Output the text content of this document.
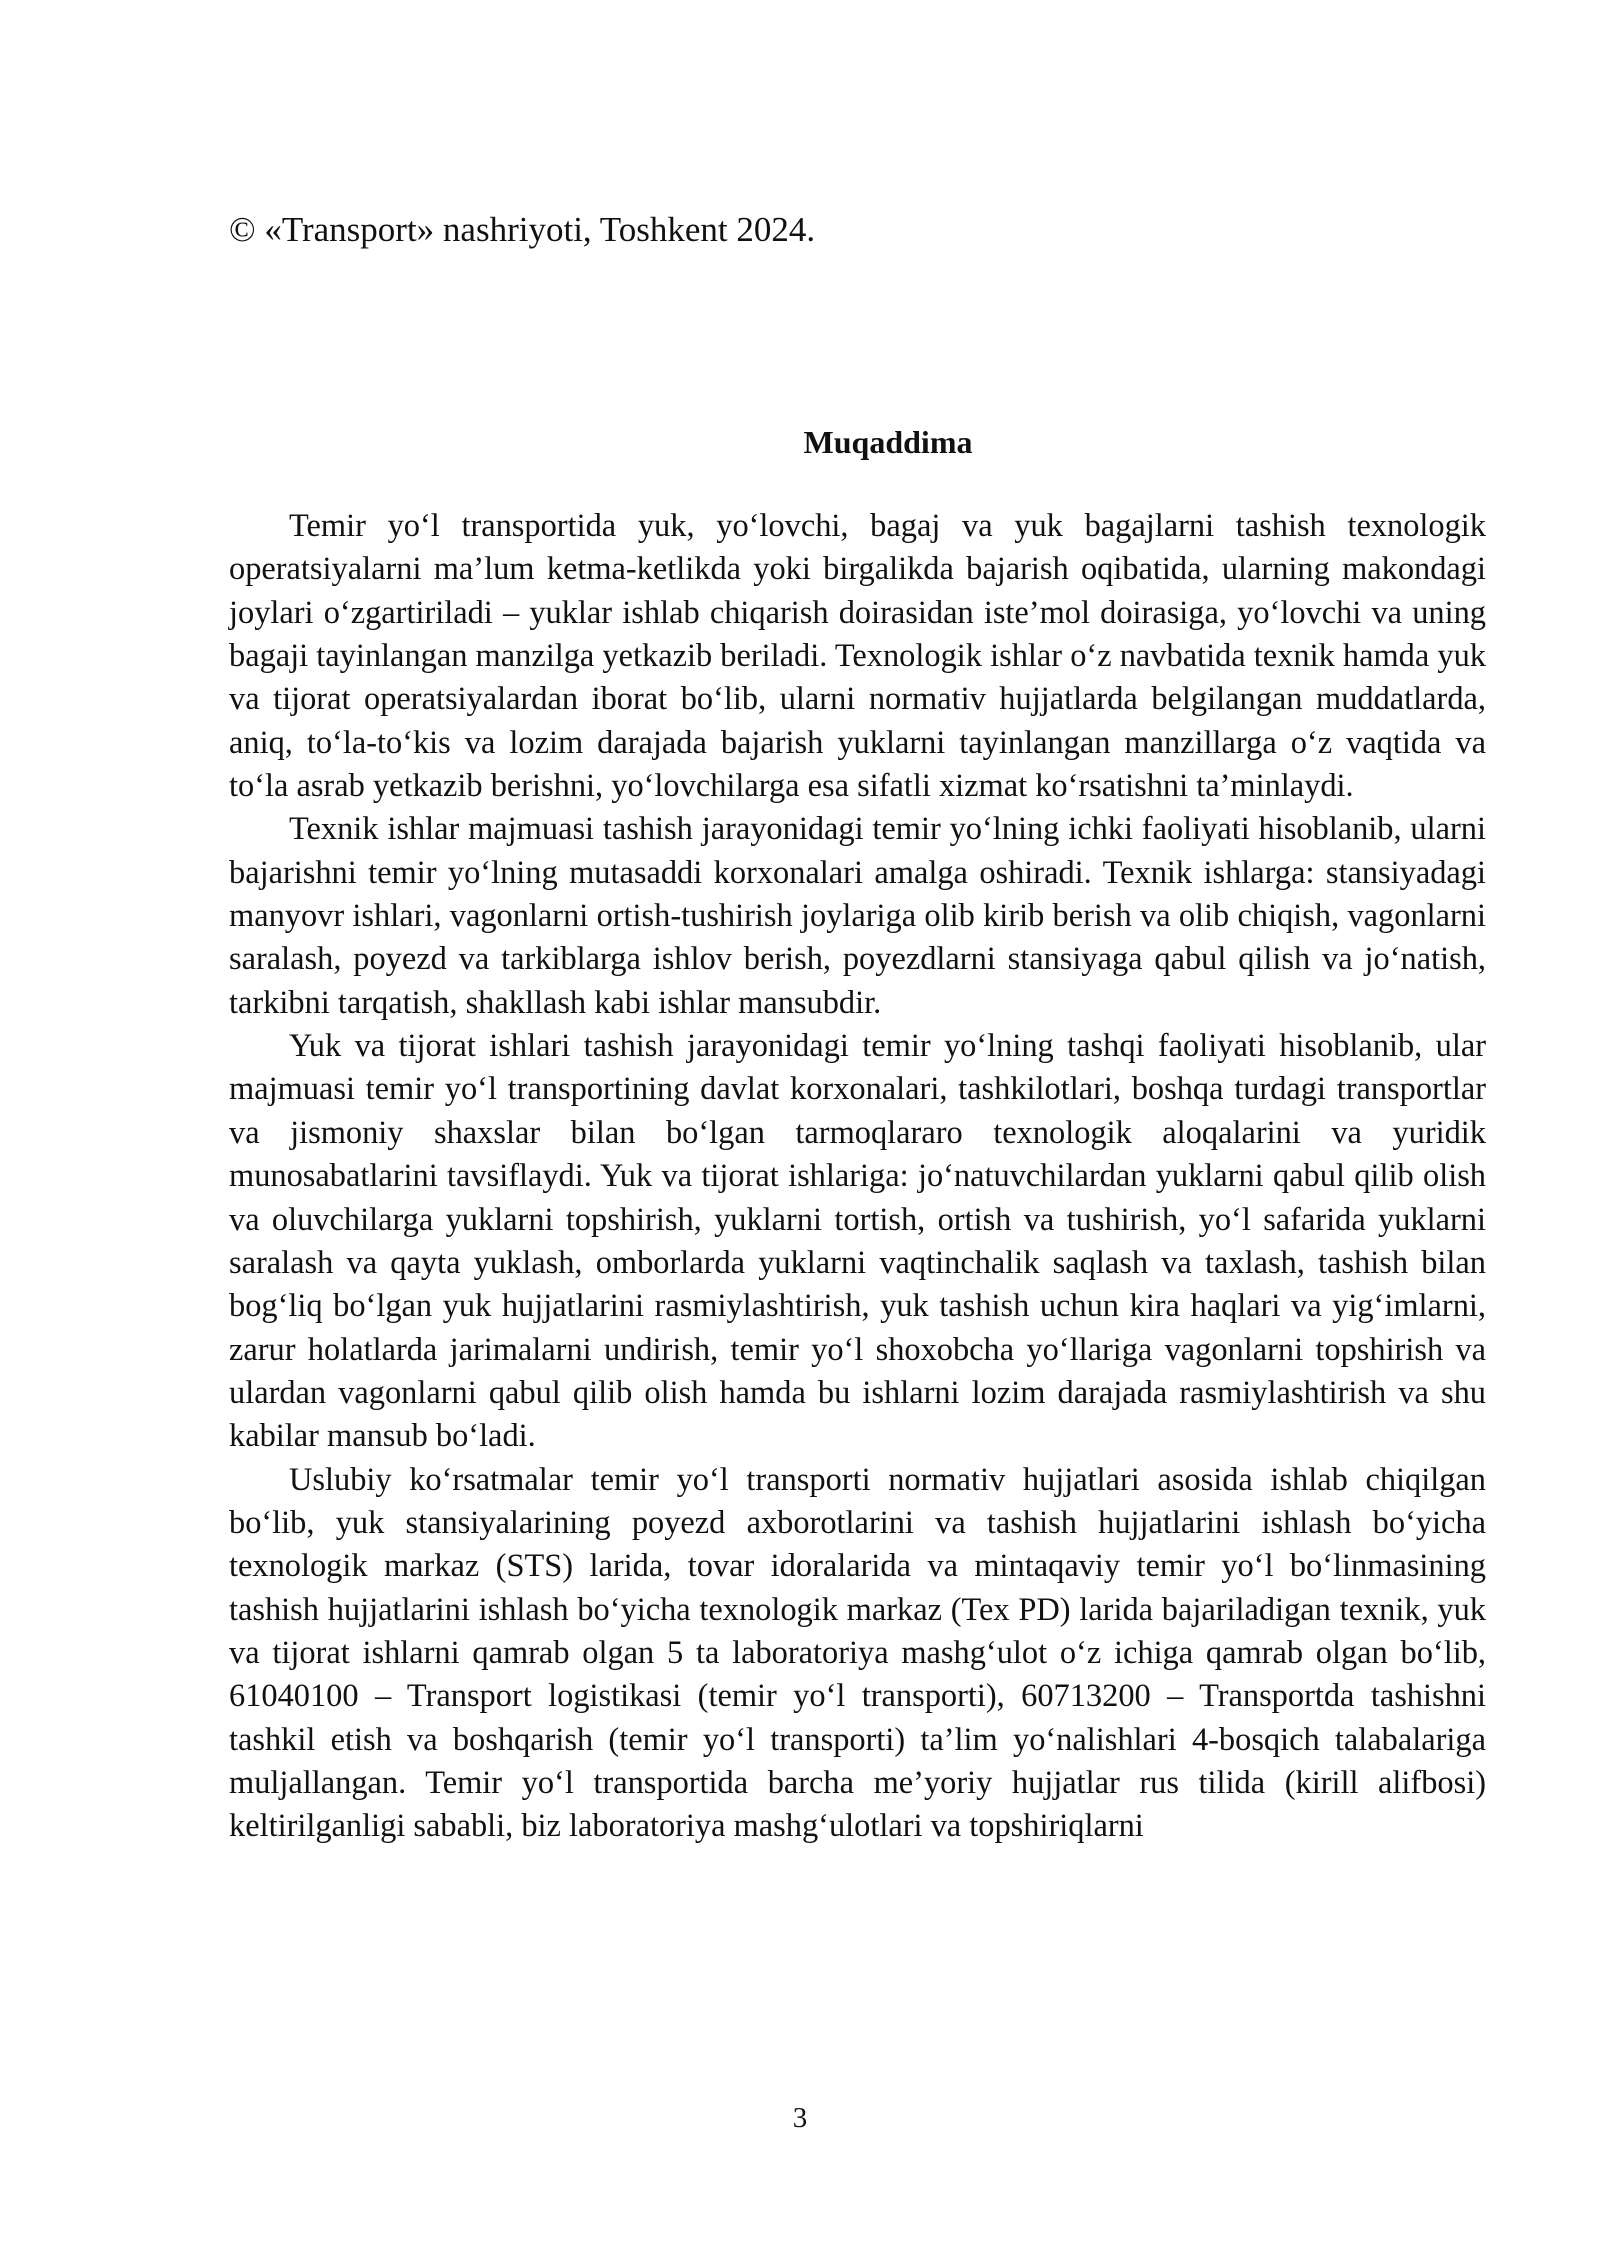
© «Transport» nashriyoti, Toshkent 2024.
Muqaddima

Temir yo‘l transportida yuk, yo‘lovchi, bagaj va yuk bagajlarni tashish texnologik operatsiyalarni ma’lum ketma-ketlikda yoki birgalikda bajarish oqibatida, ularning makondagi joylari o‘zgartiriladi – yuklar ishlab chiqarish doirasidan iste’mol doirasiga, yo‘lovchi va uning bagaji tayinlangan manzilga yetkazib beriladi. Texnologik ishlar o‘z navbatida texnik hamda yuk va tijorat operatsiyalardan iborat bo‘lib, ularni normativ hujjatlarda belgilangan muddatlarda, aniq, to‘la-to‘kis va lozim darajada bajarish yuklarni tayinlangan manzillarga o‘z vaqtida va to‘la asrab yetkazib berishni, yo‘lovchilarga esa sifatli xizmat ko‘rsatishni ta’minlaydi.

Texnik ishlar majmuasi tashish jarayonidagi temir yo‘lning ichki faoliyati hisoblanib, ularni bajarishni temir yo‘lning mutasaddi korxonalari amalga oshiradi. Texnik ishlarga: stansiyadagi manyovr ishlari, vagonlarni ortish-tushirish joylariga olib kirib berish va olib chiqish, vagonlarni saralash, poyezd va tarkiblarga ishlov berish, poyezdlarni stansiyaga qabul qilish va jo‘natish, tarkibni tarqatish, shakllash kabi ishlar mansubdir.

Yuk va tijorat ishlari tashish jarayonidagi temir yo‘lning tashqi faoliyati hisoblanib, ular majmuasi temir yo‘l transportining davlat korxonalari, tashkilotlari, boshqa turdagi transportlar va jismoniy shaxslar bilan bo‘lgan tarmoqlararo texnologik aloqalarini va yuridik munosabatlarini tavsiflaydi. Yuk va tijorat ishlariga: jo‘natuvchilardan yuklarni qabul qilib olish va oluvchilarga yuklarni topshirish, yuklarni tortish, ortish va tushirish, yo‘l safarida yuklarni saralash va qayta yuklash, omborlarda yuklarni vaqtinchalik saqlash va taxlash, tashish bilan bog‘liq bo‘lgan yuk hujjatlarini rasmiylashtirish, yuk tashish uchun kira haqlari va yig‘imlarni, zarur holatlarda jarimalarni undirish, temir yo‘l shoxobcha yo‘llariga vagonlarni topshirish va ulardan vagonlarni qabul qilib olish hamda bu ishlarni lozim darajada rasmiylashtirish va shu kabilar mansub bo‘ladi.

Uslubiy ko‘rsatmalar temir yo‘l transporti normativ hujjatlari asosida ishlab chiqilgan bo‘lib, yuk stansiyalarining poyezd axborotlarini va tashish hujjatlarini ishlash bo‘yicha texnologik markaz (STS) larida, tovar idoralarida va mintaqaviy temir yo‘l bo‘linmasining tashish hujjatlarini ishlash bo‘yicha texnologik markaz (Tex PD) larida bajariladigan texnik, yuk va tijorat ishlarni qamrab olgan 5 ta laboratoriya mashg‘ulot o‘z ichiga qamrab olgan bo‘lib, 61040100 – Transport logistikasi (temir yo‘l transporti), 60713200 – Transportda tashishni tashkil etish va boshqarish (temir yo‘l transporti) ta’lim yo‘nalishlari 4-bosqich talabalariga muljallangan. Temir yo‘l transportida barcha me’yoriy hujjatlar rus tilida (kirill alifbosi) keltirilganligi sababli, biz laboratoriya mashg‘ulotlari va topshiriqlarni

3
